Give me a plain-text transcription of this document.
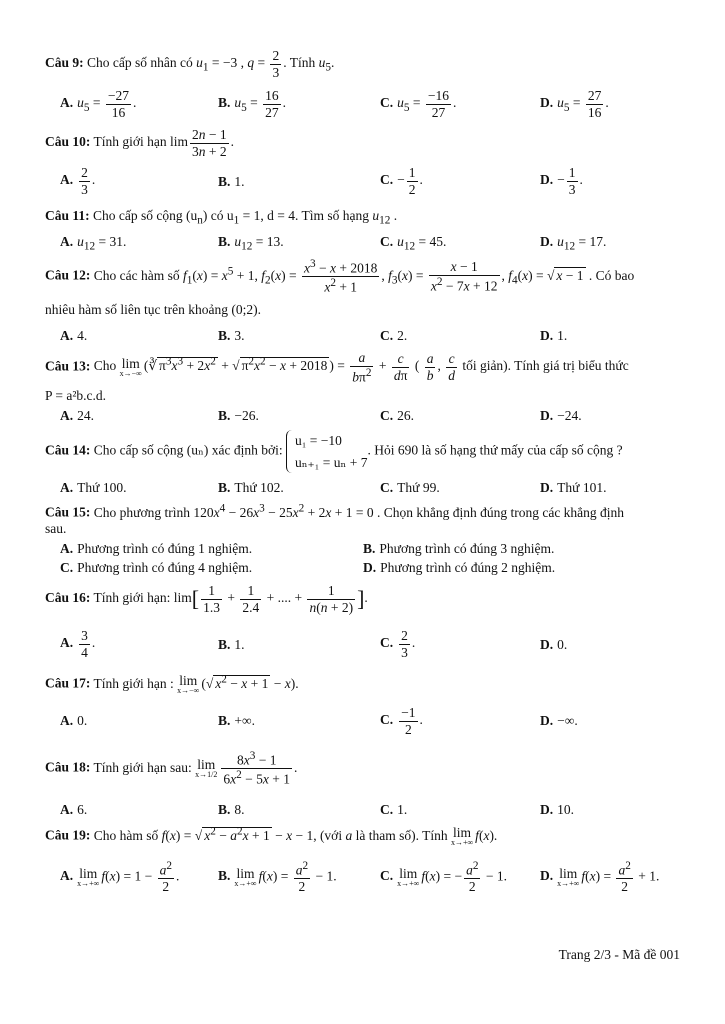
Câu 9: Cho cấp số nhân có $u_1 = -3$ , $q = \frac{2}{3}$ . Tính $u_5$.
A. $u_5 = \frac{-27}{16}$ .	B. $u_5 = \frac{16}{27}$ .	C. $u_5 = \frac{-16}{27}$ .	D. $u_5 = \frac{27}{16}$ .
Câu 10: Tính giới hạn $\lim \frac{2n - 1}{3n + 2}$ .
A. $\frac{2}{3}$ .	B. 1.	C. − $\frac{1}{2}$ .	D. − $\frac{1}{3}$ .
Câu 11: Cho cấp số cộng $(u_n)$ có $u_1 = 1$, d = 4. Tìm số hạng $u_{12}$ .
A. $u_{12} = 31$.	B. $u_{12} = 13$.	C. $u_{12} = 45$.	D. $u_{12} = 17$.
Câu 12: Cho các hàm số $f_1(x) = x^5 + 1$, $f_2(x) = \frac{x^3 - x + 2018}{x^2 + 1}$ , $f_3(x) = \frac{x - 1}{x^2 - 7x + 12}$ , $f_4(x)$ = √ x − 1 . Có bao
nhiêu hàm số liên tục trên khoảng (0;2).
A. 4.	B. 3.	C. 2.	D. 1.
Câu 13: Cho lim
x→−∞
(∛ $\pi^3x^3 + 2x^2$ + √ $\pi^2x^2 - x + 2018$ ) = $\frac{a}{b\pi^2} + \frac{c}{d\pi}$ ( $\frac{a}{b}$ , $\frac{c}{d}$ tối giản). Tính giá trị biểu thức
P = a²b.c.d.
A. 24.	B. −26.	C. 26.	D. −24.
Câu 14: Cho cấp số cộng (uₙ) xác định bởi: u₁ = −10
uₙ₊₁ = uₙ + 7. Hỏi 690 là số hạng thứ mấy của cấp số cộng ?
A. Thứ 100.	B. Thứ 102.	C. Thứ 99.	D. Thứ 101.
Câu 15: Cho phương trình $120x^4 - 26x^3 - 25x^2 + 2x + 1 = 0$ . Chọn khẳng định đúng trong các khẳng định
sau.
A. Phương trình có đúng 1 nghiệm.	B. Phương trình có đúng 3 nghiệm.
C. Phương trình có đúng 4 nghiệm.	D. Phương trình có đúng 2 nghiệm.
Câu 16: Tính giới hạn: $\lim[ \frac{1}{1.3} + \frac{1}{2.4}$ + .... + $\frac{1}{n(n + 2)}$ ].
A. $\frac{3}{4}$ .	B. 1.	C. $\frac{2}{3}$ .	D. 0.
Câu 17: Tính giới hạn : lim
x→−∞
(√ $x^2 - x + 1 - x$).
A. 0.	B. +∞.	C. $\frac{-1}{2}$ .	D. −∞.
Câu 18: Tính giới hạn sau: lim
$x\to 1/2 \frac{8x^3 - 1}{6x^2 - 5x + 1}$ .
A. 6.	B. 8.	C. 1.	D. 10.
Câu 19: Cho hàm số f(x) = √ $x^2 - a^2x + 1 - x - 1$, (với a là tham số). Tính lim
x→+∞
f(x).
A. lim
x→+∞
$f(x) = 1 - \frac{a^2}{2}$ .	B. lim
x→+∞
$f(x) = \frac{a^2}{2} - 1$.	C. lim
x→+∞
f(x) = − $\frac{a^2}{2} - 1$. D. lim
x→+∞
$f(x) = \frac{a^2}{2} + 1$.
Trang 2/3 - Mã đề 001
